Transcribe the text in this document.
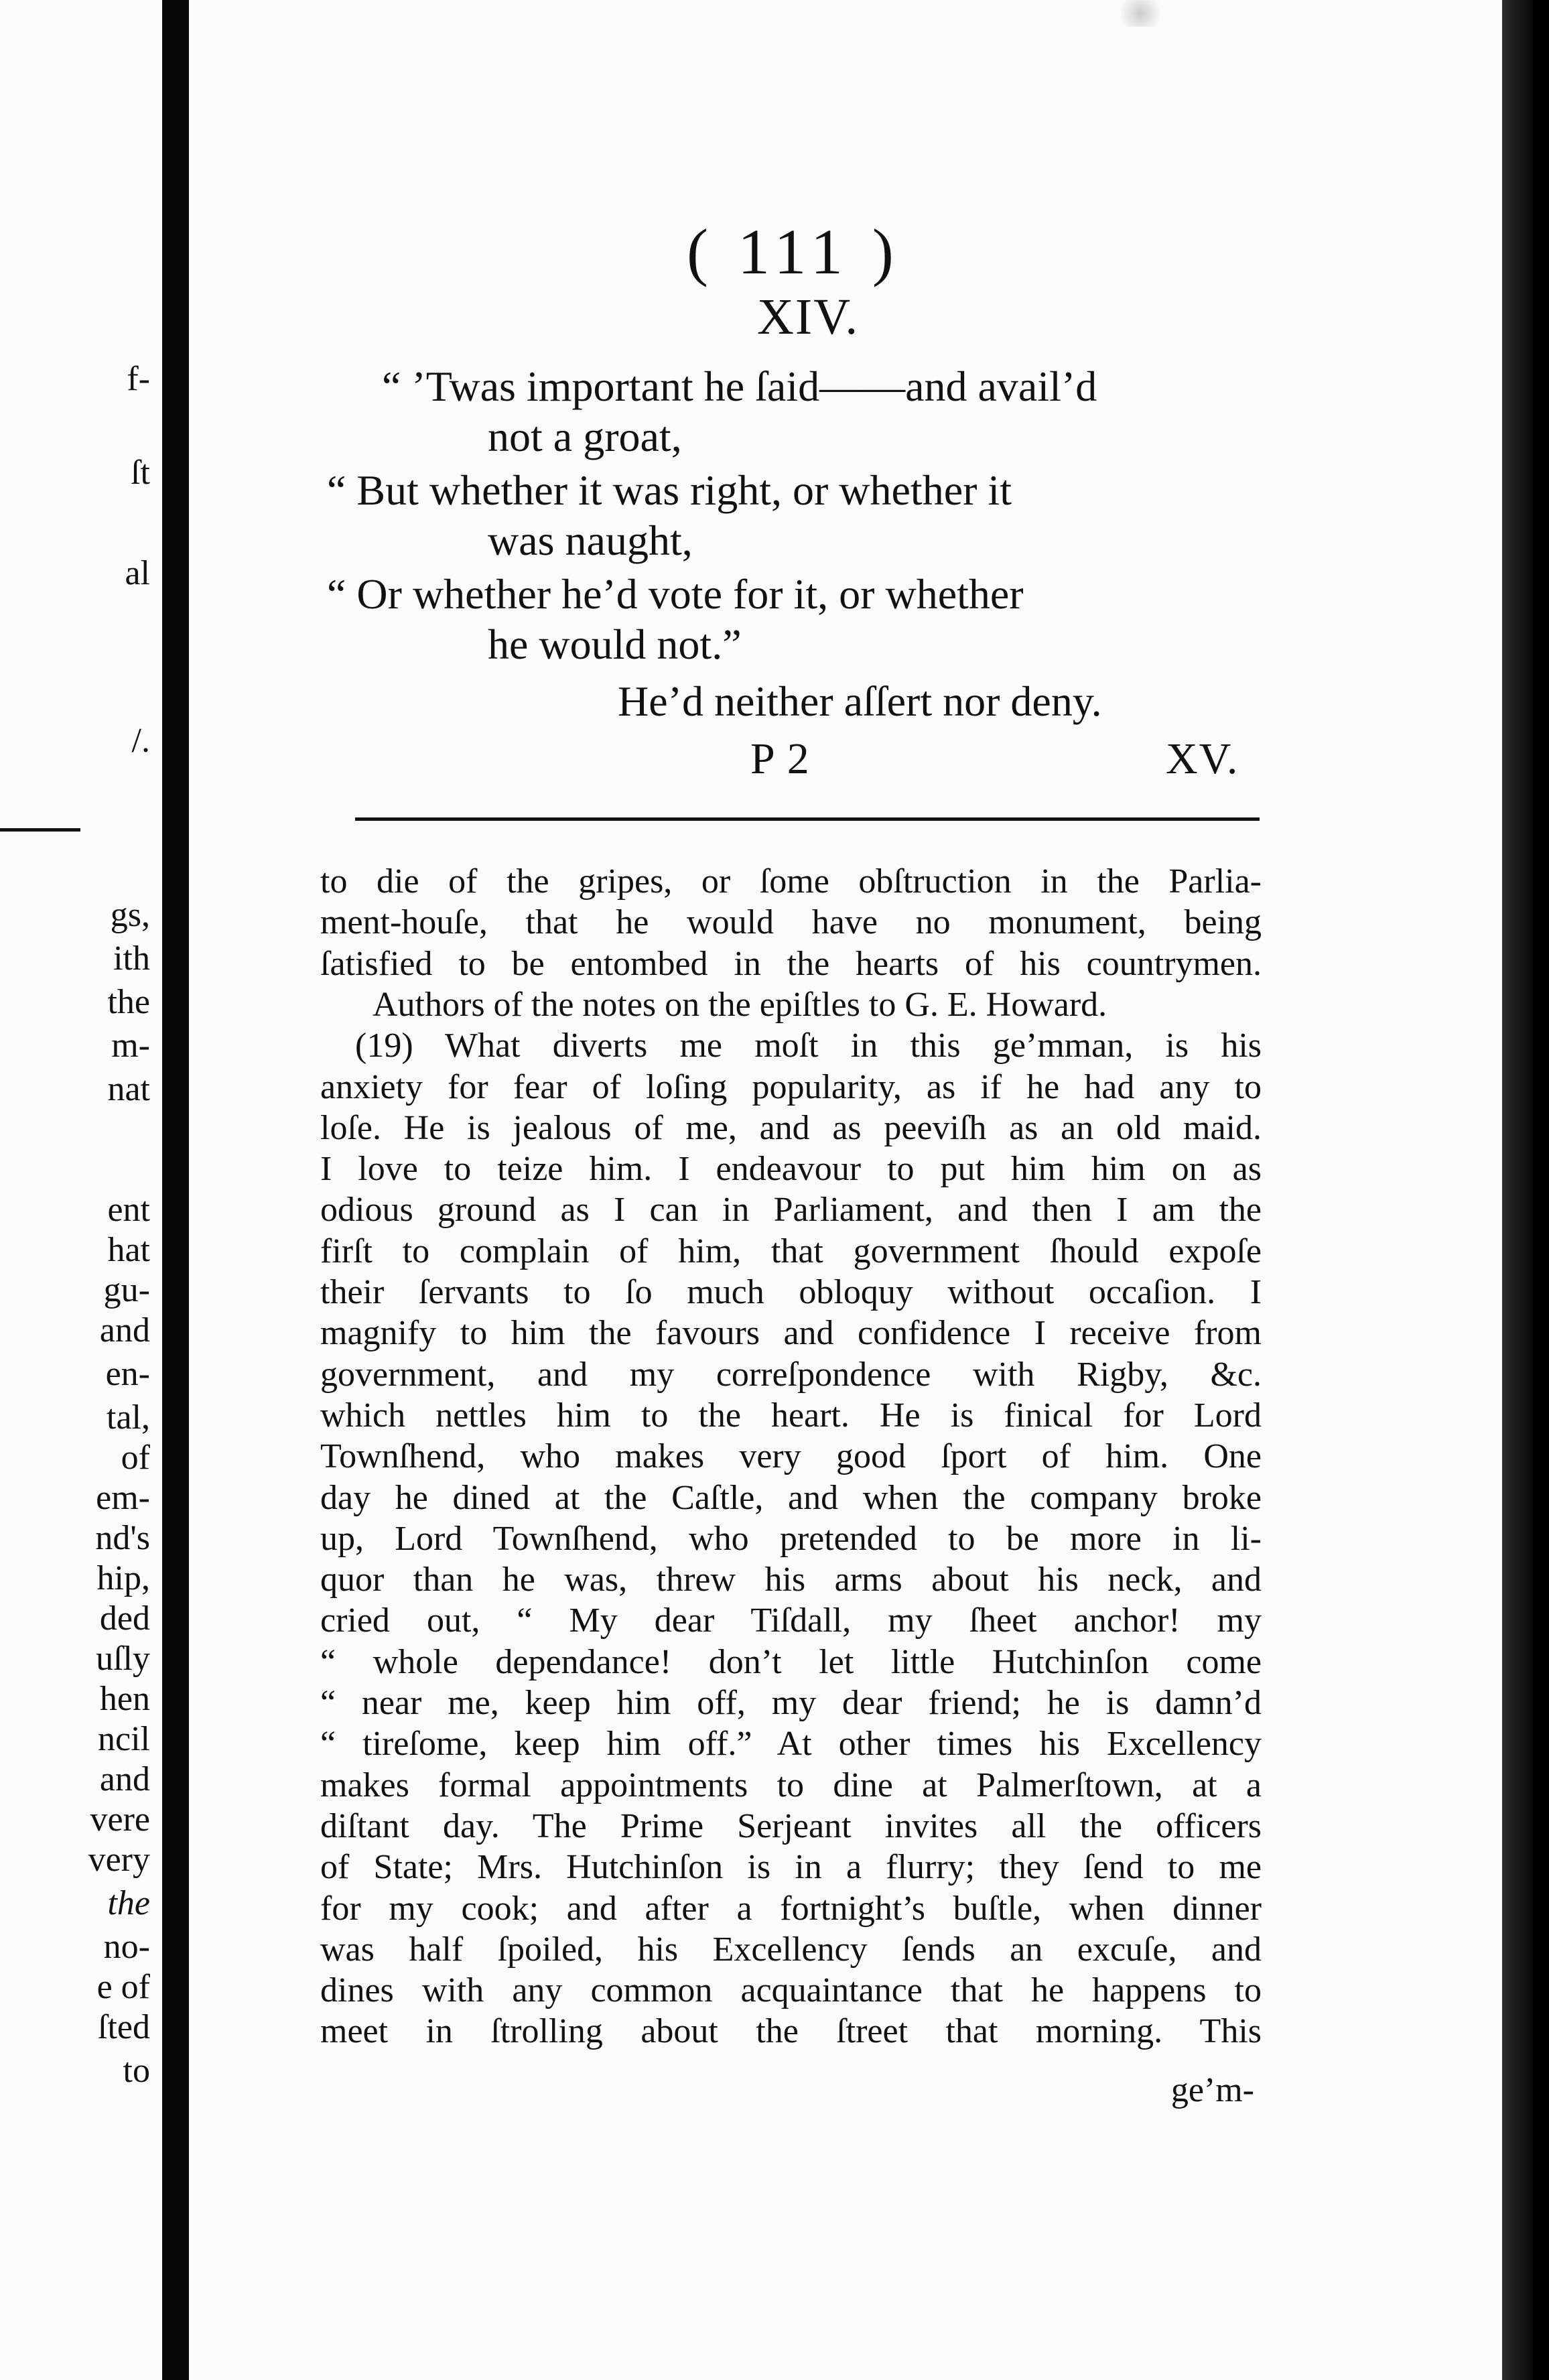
f-
ſt
al
/.
gs,
ith
the
m-
nat
ent
hat
gu-
and
en-
tal,
of
em-
nd's
hip,
ded
uſly
hen
ncil
and
vere
very
the
no-
e of
ſted
to
( 111 )
XIV.
“ ’Twas important he ſaid——and avail’d
not a groat,
“ But whether it was right, or whether it
was naught,
“ Or whether he’d vote for it, or whether
he would not.”
He’d neither aſſert nor deny.
P 2	XV.
to die of the gripes, or ſome obſtruction in the Parlia-
ment-houſe, that he would have no monument, being
ſatisfied to be entombed in the hearts of his countrymen.
Authors of the notes on the epiſtles to G. E. Howard.
(19) What diverts me moſt in this ge’mman, is his
anxiety for fear of loſing popularity, as if he had any to
loſe. He is jealous of me, and as peeviſh as an old maid.
I love to teize him. I endeavour to put him him on as
odious ground as I can in Parliament, and then I am the
firſt to complain of him, that government ſhould expoſe
their ſervants to ſo much obloquy without occaſion. I
magnify to him the favours and confidence I receive from
government, and my correſpondence with Rigby, &c.
which nettles him to the heart. He is finical for Lord
Townſhend, who makes very good ſport of him. One
day he dined at the Caſtle, and when the company broke
up, Lord Townſhend, who pretended to be more in li-
quor than he was, threw his arms about his neck, and
cried out, “ My dear Tiſdall, my ſheet anchor! my
“ whole dependance! don’t let little Hutchinſon come
“ near me, keep him off, my dear friend; he is damn’d
“ tireſome, keep him off.” At other times his Excellency
makes formal appointments to dine at Palmerſtown, at a
diſtant day. The Prime Serjeant invites all the officers
of State; Mrs. Hutchinſon is in a flurry; they ſend to me
for my cook; and after a fortnight’s buſtle, when dinner
was half ſpoiled, his Excellency ſends an excuſe, and
dines with any common acquaintance that he happens to
meet in ſtrolling about the ſtreet that morning. This
ge’m-
